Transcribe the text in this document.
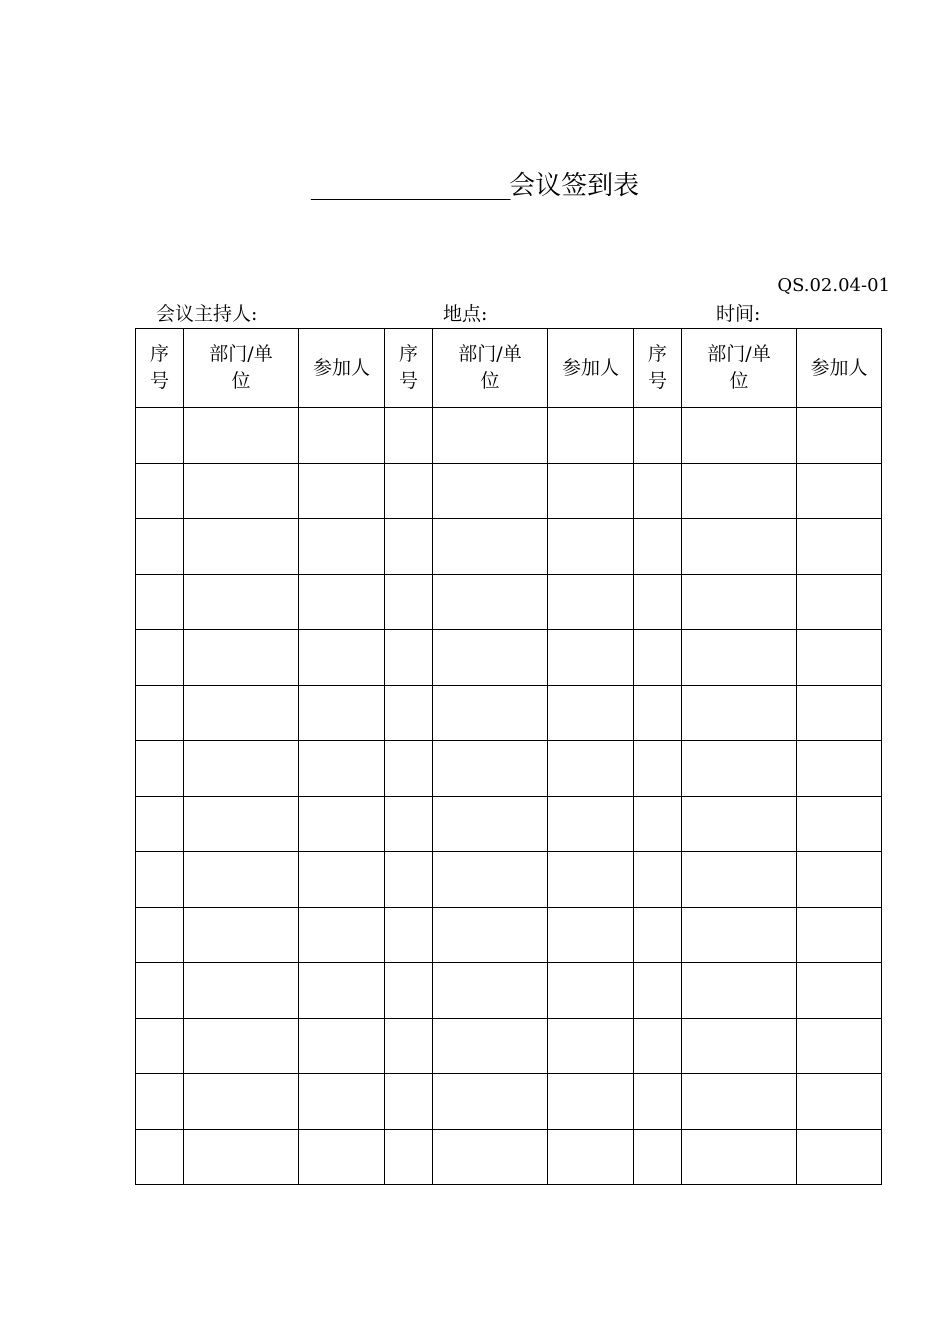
______________会议签到表
QS.02.04-01
会议主持人:	地点:	时间:
序号	部门/单位	参加人	序号	部门/单位	参加人	序号	部门/单位	参加人
